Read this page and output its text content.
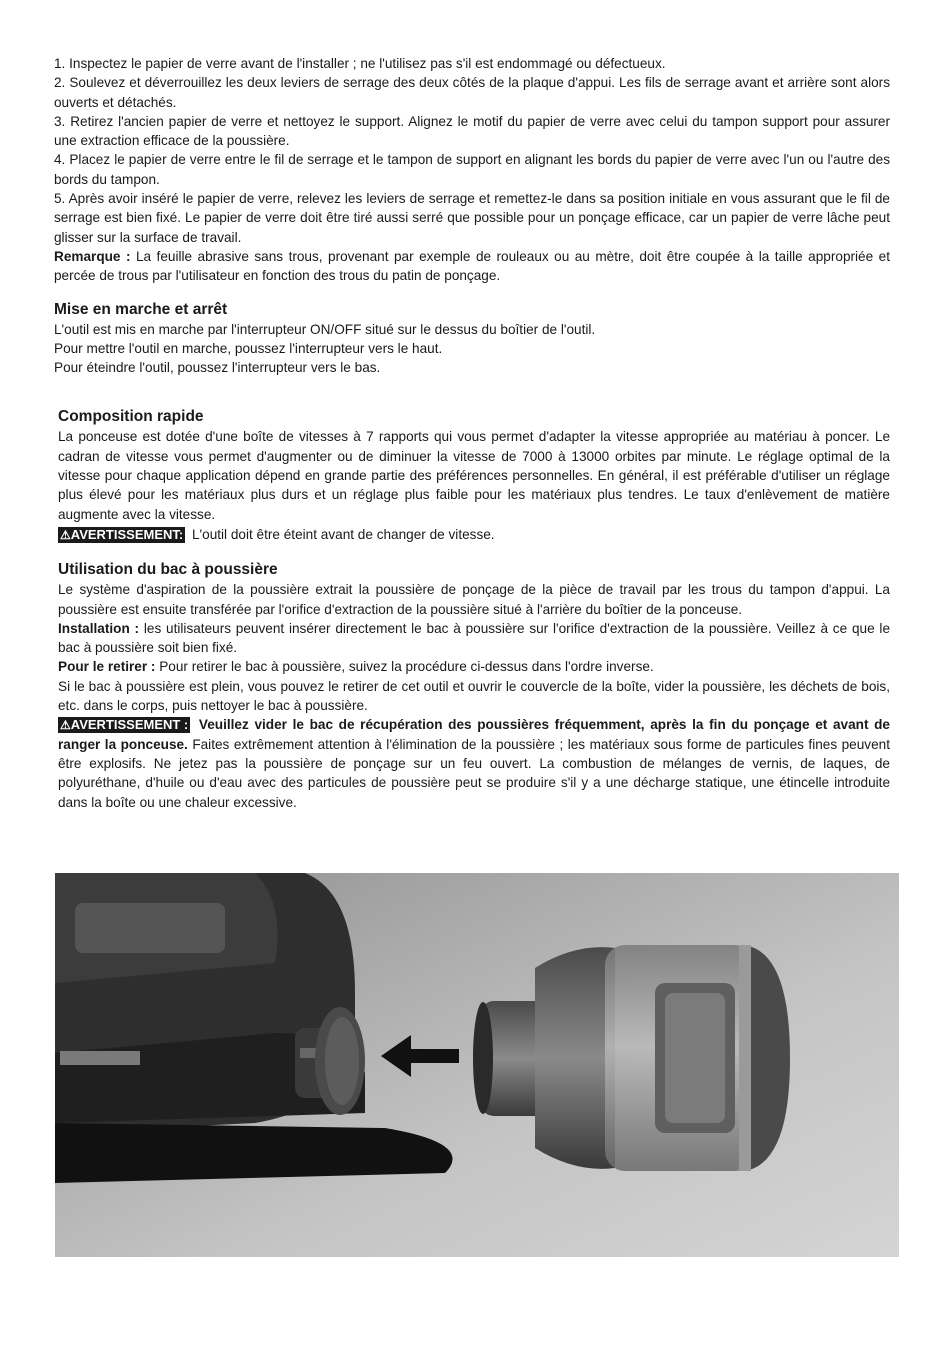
1. Inspectez le papier de verre avant de l'installer ; ne l'utilisez pas s'il est endommagé ou défectueux.

2. Soulevez et déverrouillez les deux leviers de serrage des deux côtés de la plaque d'appui. Les fils de serrage avant et arrière sont alors ouverts et détachés.

3. Retirez l'ancien papier de verre et nettoyez le support. Alignez le motif du papier de verre avec celui du tampon support pour assurer une extraction efficace de la poussière.

4. Placez le papier de verre entre le fil de serrage et le tampon de support en alignant les bords du papier de verre avec l'un ou l'autre des bords du tampon.

5. Après avoir inséré le papier de verre, relevez les leviers de serrage et remettez-le dans sa position initiale en vous assurant que le fil de serrage est bien fixé. Le papier de verre doit être tiré aussi serré que possible pour un ponçage efficace, car un papier de verre lâche peut glisser sur la surface de travail.

Remarque : La feuille abrasive sans trous, provenant par exemple de rouleaux ou au mètre, doit être coupée à la taille appropriée et percée de trous par l'utilisateur en fonction des trous du patin de ponçage.

Mise en marche et arrêt

L'outil est mis en marche par l'interrupteur ON/OFF situé sur le dessus du boîtier de l'outil.

Pour mettre l'outil en marche, poussez l'interrupteur vers le haut.

Pour éteindre l'outil, poussez l'interrupteur vers le bas.

Composition rapide

La ponceuse est dotée d'une boîte de vitesses à 7 rapports qui vous permet d'adapter la vitesse appropriée au matériau à poncer. Le cadran de vitesse vous permet d'augmenter ou de diminuer la vitesse de 7000 à 13000 orbites par minute. Le réglage optimal de la vitesse pour chaque application dépend en grande partie des préférences personnelles. En général, il est préférable d'utiliser un réglage plus élevé pour les matériaux plus durs et un réglage plus faible pour les matériaux plus tendres. Le taux d'enlèvement de matière augmente avec la vitesse.

⚠AVERTISSEMENT: L'outil doit être éteint avant de changer de vitesse.

Utilisation du bac à poussière

Le système d'aspiration de la poussière extrait la poussière de ponçage de la pièce de travail par les trous du tampon d'appui. La poussière est ensuite transférée par l'orifice d'extraction de la poussière situé à l'arrière du boîtier de la ponceuse.

Installation : les utilisateurs peuvent insérer directement le bac à poussière sur l'orifice d'extraction de la poussière. Veillez à ce que le bac à poussière soit bien fixé.

Pour le retirer : Pour retirer le bac à poussière, suivez la procédure ci-dessus dans l'ordre inverse.

Si le bac à poussière est plein, vous pouvez le retirer de cet outil et ouvrir le couvercle de la boîte, vider la poussière, les déchets de bois, etc. dans le corps, puis nettoyer le bac à poussière.

⚠AVERTISSEMENT : Veuillez vider le bac de récupération des poussières fréquemment, après la fin du ponçage et avant de ranger la ponceuse. Faites extrêmement attention à l'élimination de la poussière ; les matériaux sous forme de particules fines peuvent être explosifs. Ne jetez pas la poussière de ponçage sur un feu ouvert. La combustion de mélanges de vernis, de laques, de polyuréthane, d'huile ou d'eau avec des particules de poussière peut se produire s'il y a une décharge statique, une étincelle introduite dans la boîte ou une chaleur excessive.
